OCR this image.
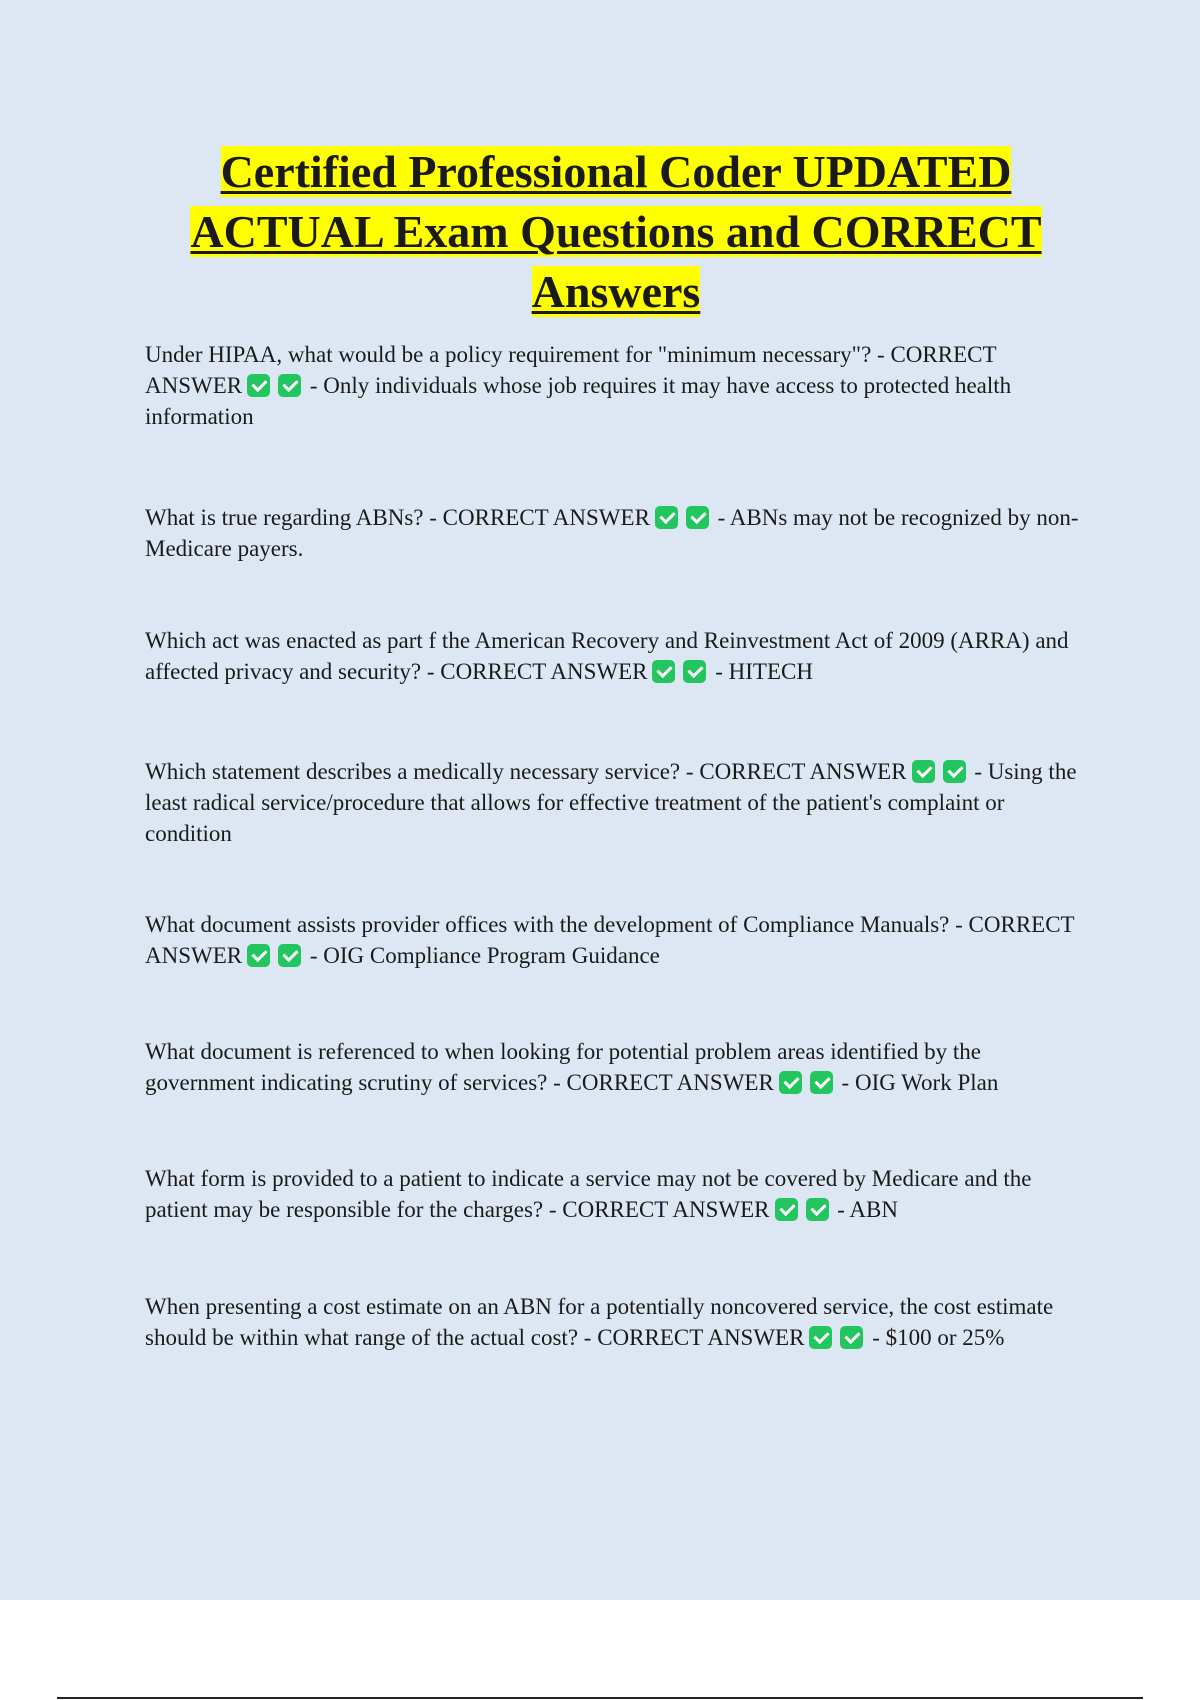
Certified Professional Coder UPDATED
ACTUAL Exam Questions and CORRECT
Answers

Under HIPAA, what would be a policy requirement for "minimum necessary"? - CORRECT ANSWER	- Only individuals whose job requires it may have access to protected health information

What is true regarding ABNs? - CORRECT ANSWER	- ABNs may not be recognized by non-Medicare payers.

Which act was enacted as part f the American Recovery and Reinvestment Act of 2009 (ARRA) and affected privacy and security? - CORRECT ANSWER	- HITECH

Which statement describes a medically necessary service? - CORRECT ANSWER	- Using the least radical service/procedure that allows for effective treatment of the patient's complaint or condition

What document assists provider offices with the development of Compliance Manuals? - CORRECT ANSWER	- OIG Compliance Program Guidance

What document is referenced to when looking for potential problem areas identified by the government indicating scrutiny of services? - CORRECT ANSWER	- OIG Work Plan

What form is provided to a patient to indicate a service may not be covered by Medicare and the patient may be responsible for the charges? - CORRECT ANSWER	- ABN

When presenting a cost estimate on an ABN for a potentially noncovered service, the cost estimate should be within what range of the actual cost? - CORRECT ANSWER	- $100 or 25%
